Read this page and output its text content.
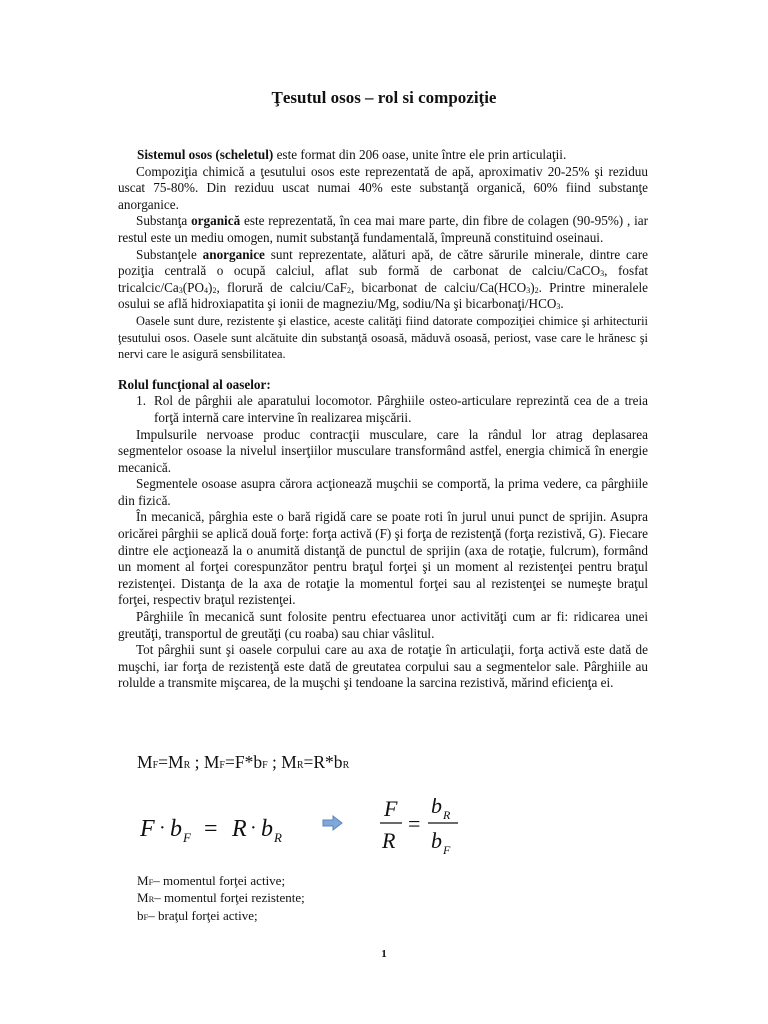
Ţesutul osos – rol si compoziţie

Sistemul osos (scheletul) este format din 206 oase, unite între ele prin articulaţii.

Compoziţia chimică a ţesutului osos este reprezentată de apă, aproximativ 20-25% şi reziduu uscat 75-80%. Din reziduu uscat numai 40% este substanţă organică, 60% fiind substanţe anorganice.

Substanţa organică este reprezentată, în cea mai mare parte, din fibre de colagen (90-95%) , iar restul este un mediu omogen, numit substanţă fundamentală, împreună constituind oseinaui.

Substanţele anorganice sunt reprezentate, alături apă, de către sărurile minerale, dintre care poziţia centrală o ocupă calciul, aflat sub formă de carbonat de calciu/CaCO$_3$, fosfat tricalcic/$Ca_3(PO_4)_2$, florură de calciu/CaF$_2$, bicarbonat de calciu/$Ca(HCO_3)_2$. Printre mineralele osului se află hidroxiapatita şi ionii de magneziu/Mg, sodiu/Na şi bicarbonaţi/$HCO_3$.

Oasele sunt dure, rezistente şi elastice, aceste calităţi fiind datorate compoziţiei chimice şi arhitecturii ţesutului osos. Oasele sunt alcătuite din substanţă osoasă, măduvă osoasă, periost, vase care le hrănesc şi nervi care le asigură sensbilitatea.

Rolul funcţional al oaselor:

1. Rol de pârghii ale aparatului locomotor. Pârghiile osteo-articulare reprezintă cea de a treia forţă internă care intervine în realizarea mişcării.

Impulsurile nervoase produc contracţii musculare, care la rândul lor atrag deplasarea segmentelor osoase la nivelul inserţiilor musculare transformând astfel, energia chimică în energie mecanică.

Segmentele osoase asupra cărora acţionează muşchii se comportă, la prima vedere, ca pârghiile din fizică.

În mecanică, pârghia este o bară rigidă care se poate roti în jurul unui punct de sprijin. Asupra oricărei pârghii se aplică două forţe: forţa activă (F) şi forţa de rezistenţă (forţa rezistivă, G). Fiecare dintre ele acţionează la o anumită distanţă de punctul de sprijin (axa de rotaţie, fulcrum), formând un moment al forţei corespunzător pentru braţul forţei şi un moment al rezistenţei pentru braţul rezistenţei. Distanţa de la axa de rotaţie la momentul forţei sau al rezistenţei se numeşte braţul forţei, respectiv braţul rezistenţei.

Pârghiile în mecanică sunt folosite pentru efectuarea unor activităţi cum ar fi: ridicarea unei greutăţi, transportul de greutăţi (cu roaba) sau chiar vâslitul.

Tot pârghii sunt şi oasele corpului care au axa de rotaţie în articulaţii, forţa activă este dată de muşchi, iar forţa de rezistenţă este dată de greutatea corpului sau a segmentelor sale. Pârghiile au rolulde a transmite mişcarea, de la muşchi şi tendoane la sarcina rezistivă, mărind eficienţa ei.

MF=MR ; MF=F*bF ; MR=R*bR
F · b F = R · b R
F
R
=
b R
b F
MF– momentul forţei active;
MR– momentul forţei rezistente;
bF– braţul forţei active;
1
